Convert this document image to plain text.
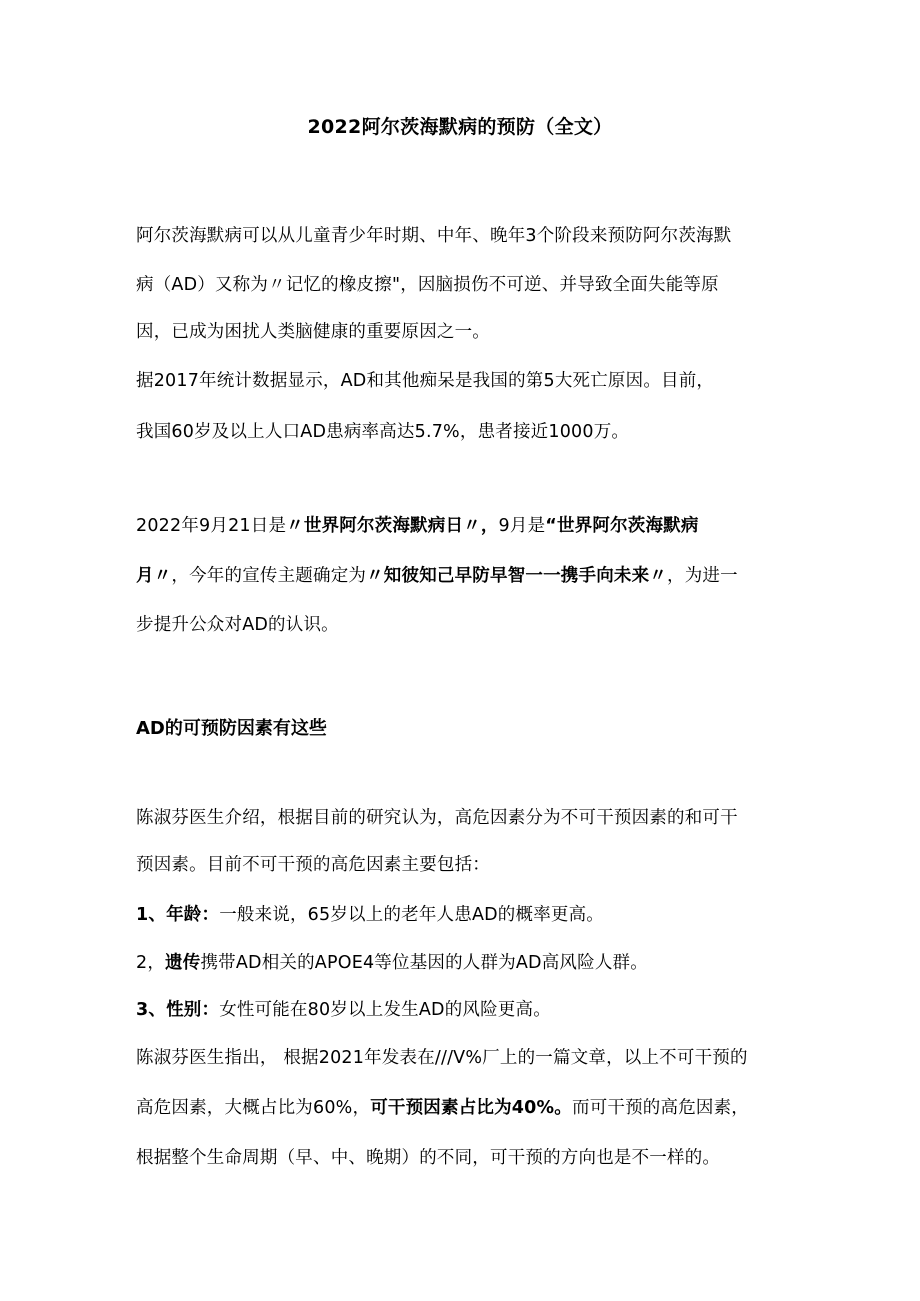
2022阿尔茨海默病的预防（全文）
阿尔茨海默病可以从儿童青少年时期、中年、晚年3个阶段来预防阿尔茨海默
病（AD）又称为〃记忆的橡皮擦"，因脑损伤不可逆、并导致全面失能等原
因，已成为困扰人类脑健康的重要原因之一。
据2017年统计数据显示，AD和其他痴呆是我国的第5大死亡原因。目前，
我国60岁及以上人口AD患病率高达5.7%，患者接近1000万。
2022年9月21日是〃世界阿尔茨海默病日〃，9月是“世界阿尔茨海默病
月〃，今年的宣传主题确定为〃知彼知己早防早智一一携手向未来〃，为进一
步提升公众对AD的认识。
AD的可预防因素有这些
陈淑芬医生介绍，根据目前的研究认为，高危因素分为不可干预因素的和可干
预因素。目前不可干预的高危因素主要包括：
1、年龄：一般来说，65岁以上的老年人患AD的概率更高。
2，遗传携带AD相关的APOE4等位基因的人群为AD高风险人群。
3、性别：女性可能在80岁以上发生AD的风险更高。
陈淑芬医生指出， 根据2021年发表在///V%厂上的一篇文章，以上不可干预的
高危因素，大概占比为60%，可干预因素占比为40%。而可干预的高危因素，
根据整个生命周期（早、中、晚期）的不同，可干预的方向也是不一样的。
